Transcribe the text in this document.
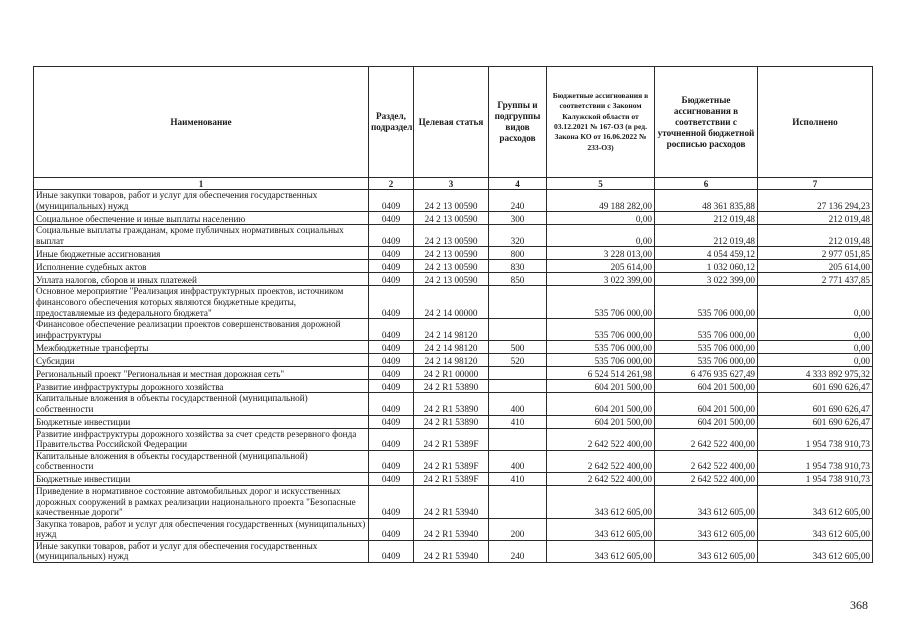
Наименование	Раздел, подраздел	Целевая статья	Группы и подгруппы видов расходов	Бюджетные ассигнования в соответствии с Законом Калужской области от 03.12.2021 № 167-ОЗ (в ред. Закона КО от 16.06.2022 № 233-ОЗ)	Бюджетные ассигнования в соответствии с уточненной бюджетной росписью расходов	Исполнено
1	2	3	4	5	6	7
Иные закупки товаров, работ и услуг для обеспечения государственных (муниципальных) нужд	0409	24 2 13 00590	240	49 188 282,00	48 361 835,88	27 136 294,23
Социальное обеспечение и иные выплаты населению	0409	24 2 13 00590	300	0,00	212 019,48	212 019,48
Социальные выплаты гражданам, кроме публичных нормативных социальных выплат	0409	24 2 13 00590	320	0,00	212 019,48	212 019,48
Иные бюджетные ассигнования	0409	24 2 13 00590	800	3 228 013,00	4 054 459,12	2 977 051,85
Исполнение судебных актов	0409	24 2 13 00590	830	205 614,00	1 032 060,12	205 614,00
Уплата налогов, сборов и иных платежей	0409	24 2 13 00590	850	3 022 399,00	3 022 399,00	2 771 437,85
Основное мероприятие "Реализация инфраструктурных проектов, источником финансового обеспечения которых являются бюджетные кредиты, предоставляемые из федерального бюджета"	0409	24 2 14 00000		535 706 000,00	535 706 000,00	0,00
Финансовое обеспечение реализации проектов совершенствования дорожной инфраструктуры	0409	24 2 14 98120		535 706 000,00	535 706 000,00	0,00
Межбюджетные трансферты	0409	24 2 14 98120	500	535 706 000,00	535 706 000,00	0,00
Субсидии	0409	24 2 14 98120	520	535 706 000,00	535 706 000,00	0,00
Региональный проект "Региональная и местная дорожная сеть"	0409	24 2 R1 00000		6 524 514 261,98	6 476 935 627,49	4 333 892 975,32
Развитие инфраструктуры дорожного хозяйства	0409	24 2 R1 53890		604 201 500,00	604 201 500,00	601 690 626,47
Капитальные вложения в объекты государственной (муниципальной) собственности	0409	24 2 R1 53890	400	604 201 500,00	604 201 500,00	601 690 626,47
Бюджетные инвестиции	0409	24 2 R1 53890	410	604 201 500,00	604 201 500,00	601 690 626,47
Развитие инфраструктуры дорожного хозяйства за счет средств резервного фонда Правительства Российской Федерации	0409	24 2 R1 5389F		2 642 522 400,00	2 642 522 400,00	1 954 738 910,73
Капитальные вложения в объекты государственной (муниципальной) собственности	0409	24 2 R1 5389F	400	2 642 522 400,00	2 642 522 400,00	1 954 738 910,73
Бюджетные инвестиции	0409	24 2 R1 5389F	410	2 642 522 400,00	2 642 522 400,00	1 954 738 910,73
Приведение в нормативное состояние автомобильных дорог и искусственных дорожных сооружений в рамках реализации национального проекта "Безопасные качественные дороги"	0409	24 2 R1 53940		343 612 605,00	343 612 605,00	343 612 605,00
Закупка товаров, работ и услуг для обеспечения государственных (муниципальных) нужд	0409	24 2 R1 53940	200	343 612 605,00	343 612 605,00	343 612 605,00
Иные закупки товаров, работ и услуг для обеспечения государственных (муниципальных) нужд	0409	24 2 R1 53940	240	343 612 605,00	343 612 605,00	343 612 605,00
368
